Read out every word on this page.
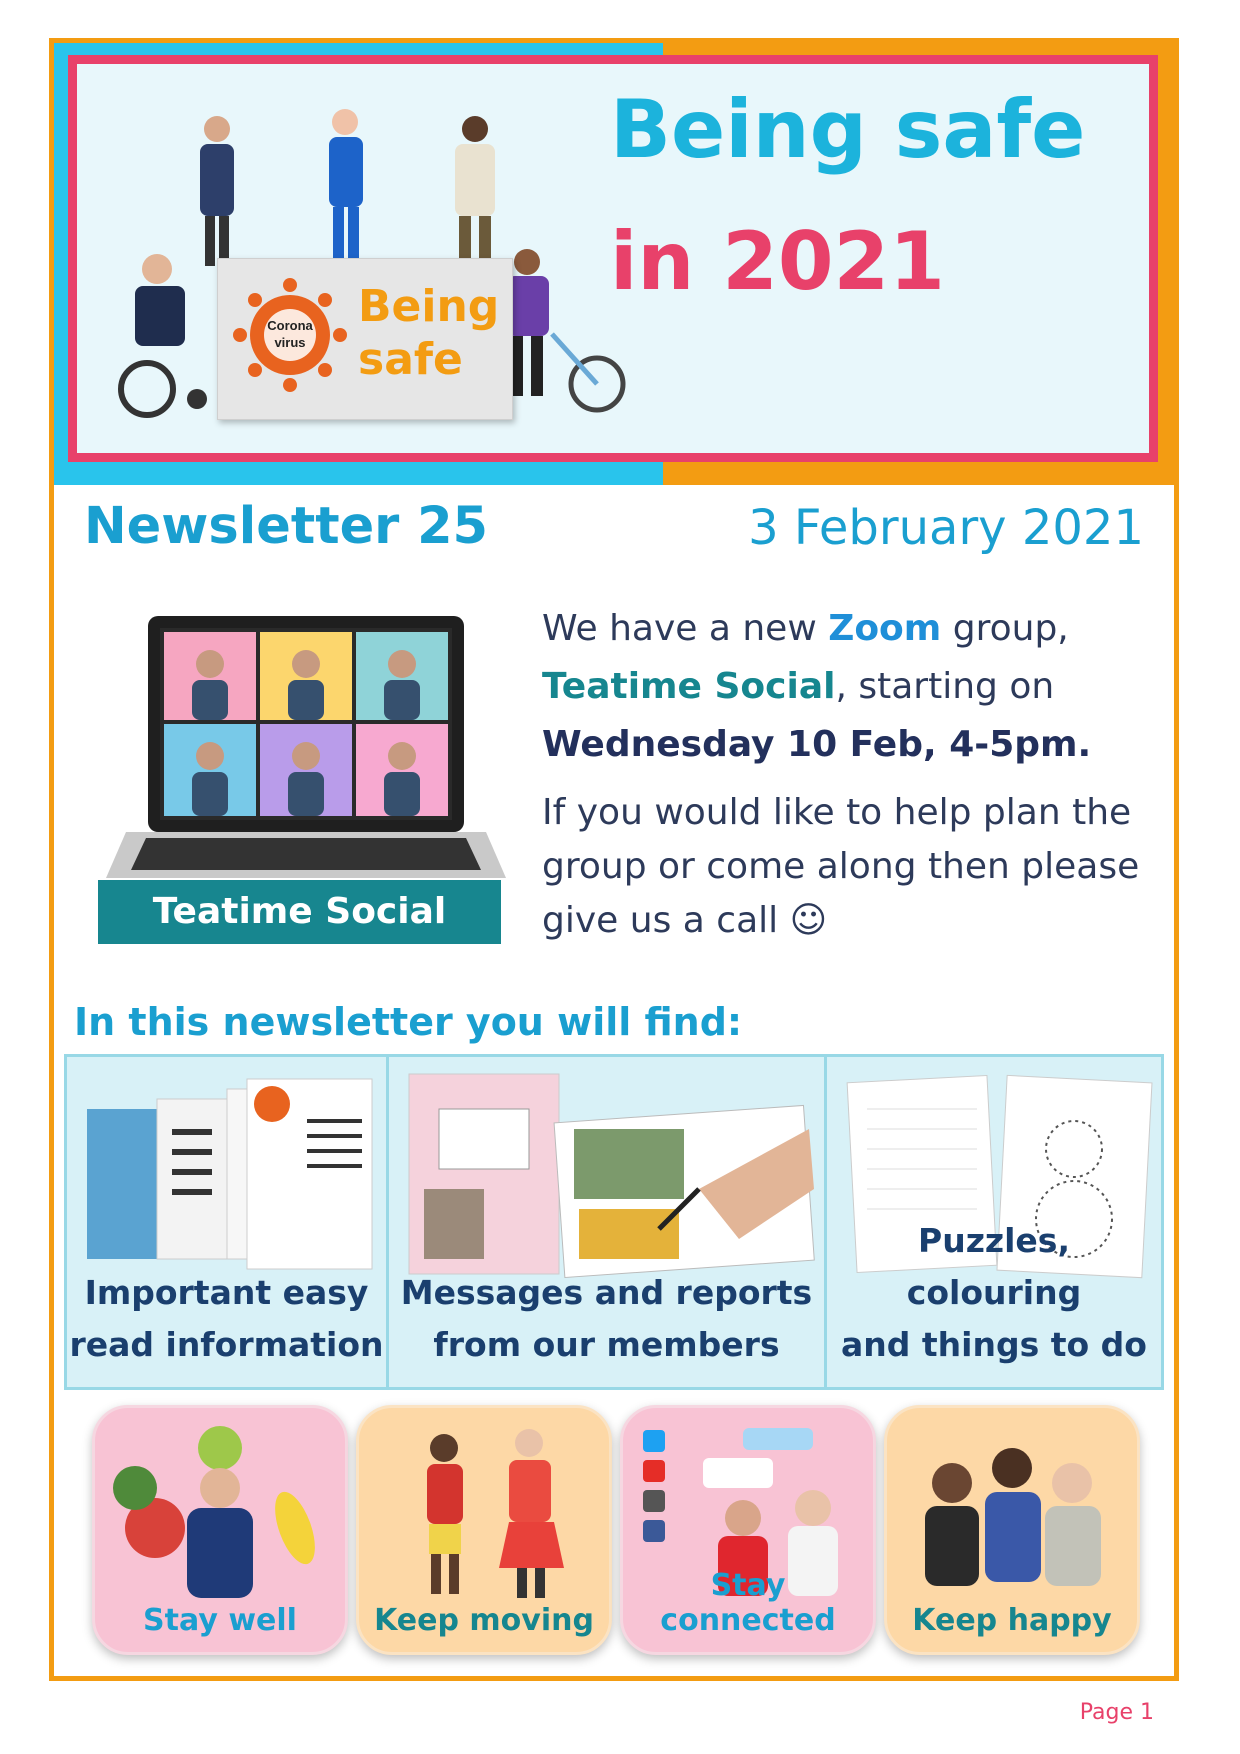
Corona
virus
Being
safe
Being safe
in 2021
Newsletter 25	3 February 2021
Teatime Social

We have a new Zoom group,
Teatime Social, starting on
Wednesday 10 Feb, 4-5pm.

If you would like to help plan the group or come along then please give us a call ☺

In this newsletter you will find:
Important easy
read information
Messages and reports
from our members
Puzzles, colouring
and things to do
Stay well	Keep moving
Stay connected	Keep happy
Page 1
